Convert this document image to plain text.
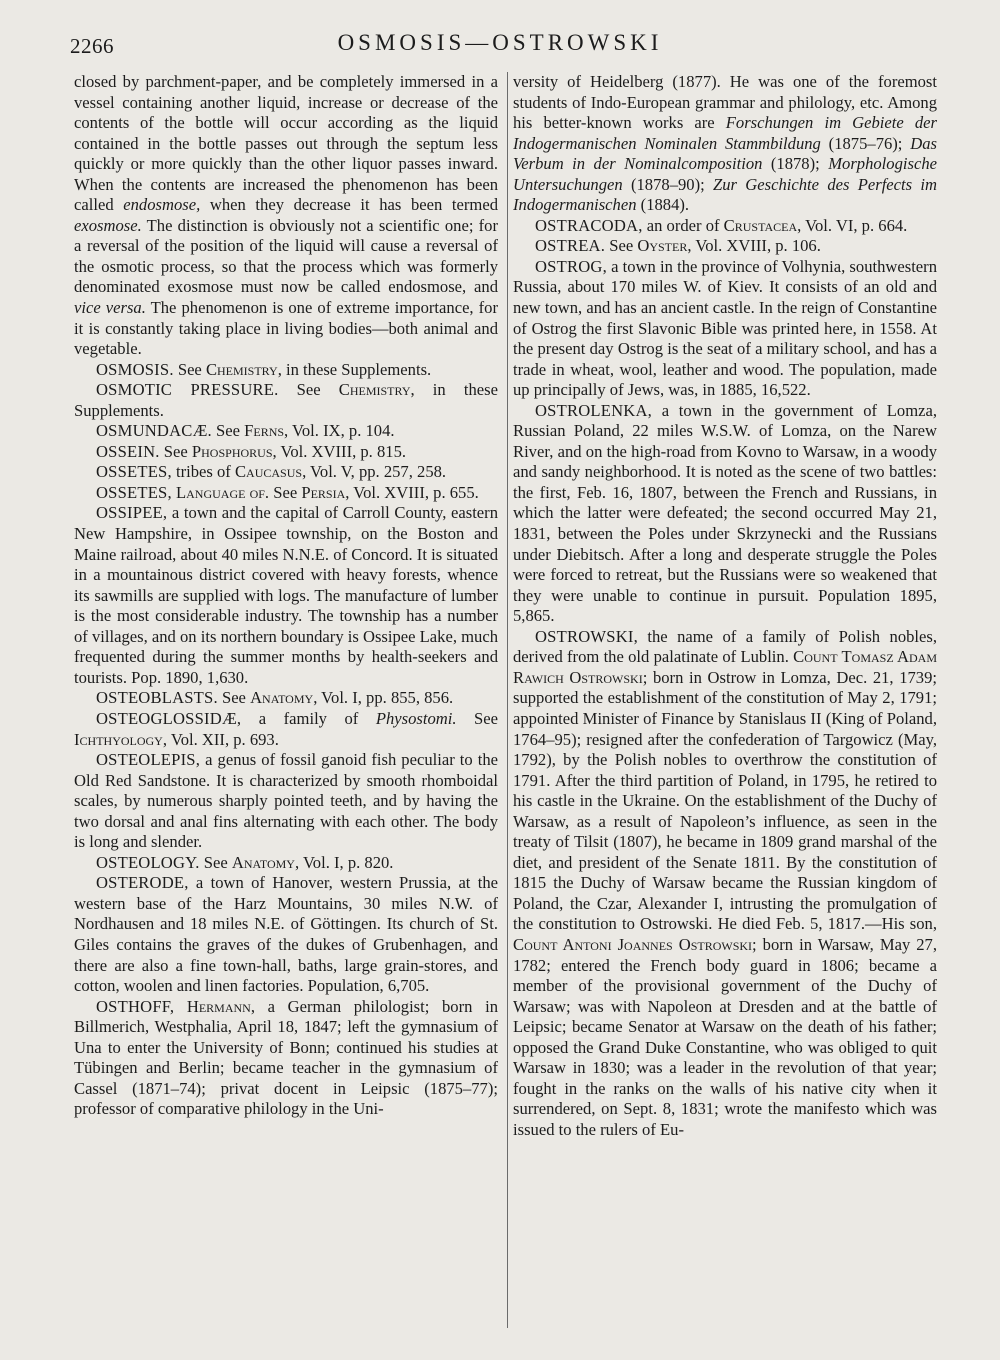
2266	OSMOSIS—OSTROWSKI

closed by parchment-paper, and be completely immersed in a vessel containing another liquid, increase or decrease of the contents of the bottle will occur according as the liquid contained in the bottle passes out through the septum less quickly or more quickly than the other liquor passes inward. When the contents are increased the phenomenon has been called endosmose, when they decrease it has been termed exosmose. The distinction is obviously not a scientific one; for a reversal of the position of the liquid will cause a reversal of the osmotic process, so that the process which was formerly denominated exosmose must now be called endosmose, and vice versa. The phenomenon is one of extreme importance, for it is constantly taking place in living bodies—both animal and vegetable.

OSMOSIS. See Chemistry, in these Supplements.

OSMOTIC PRESSURE. See Chemistry, in these Supplements.

OSMUNDACÆ. See Ferns, Vol. IX, p. 104.

OSSEIN. See Phosphorus, Vol. XVIII, p. 815.

OSSETES, tribes of Caucasus, Vol. V, pp. 257, 258.

OSSETES, Language of. See Persia, Vol. XVIII, p. 655.

OSSIPEE, a town and the capital of Carroll County, eastern New Hampshire, in Ossipee township, on the Boston and Maine railroad, about 40 miles N.N.E. of Concord. It is situated in a mountainous district covered with heavy forests, whence its sawmills are supplied with logs. The manufacture of lumber is the most considerable industry. The township has a number of villages, and on its northern boundary is Ossipee Lake, much frequented during the summer months by health-seekers and tourists. Pop. 1890, 1,630.

OSTEOBLASTS. See Anatomy, Vol. I, pp. 855, 856.

OSTEOGLOSSIDÆ, a family of Physostomi. See Ichthyology, Vol. XII, p. 693.

OSTEOLEPIS, a genus of fossil ganoid fish peculiar to the Old Red Sandstone. It is characterized by smooth rhomboidal scales, by numerous sharply pointed teeth, and by having the two dorsal and anal fins alternating with each other. The body is long and slender.

OSTEOLOGY. See Anatomy, Vol. I, p. 820.

OSTERODE, a town of Hanover, western Prussia, at the western base of the Harz Mountains, 30 miles N.W. of Nordhausen and 18 miles N.E. of Göttingen. Its church of St. Giles contains the graves of the dukes of Grubenhagen, and there are also a fine town-hall, baths, large grain-stores, and cotton, woolen and linen factories. Population, 6,705.

OSTHOFF, Hermann, a German philologist; born in Billmerich, Westphalia, April 18, 1847; left the gymnasium of Una to enter the University of Bonn; continued his studies at Tübingen and Berlin; became teacher in the gymnasium of Cassel (1871–74); privat docent in Leipsic (1875–77); professor of comparative philology in the Uni-

versity of Heidelberg (1877). He was one of the foremost students of Indo-European grammar and philology, etc. Among his better-known works are Forschungen im Gebiete der Indogermanischen Nominalen Stammbildung (1875–76); Das Verbum in der Nominalcomposition (1878); Morphologische Untersuchungen (1878–90); Zur Geschichte des Perfects im Indogermanischen (1884).

OSTRACODA, an order of Crustacea, Vol. VI, p. 664.

OSTREA. See Oyster, Vol. XVIII, p. 106.

OSTROG, a town in the province of Volhynia, southwestern Russia, about 170 miles W. of Kiev. It consists of an old and new town, and has an ancient castle. In the reign of Constantine of Ostrog the first Slavonic Bible was printed here, in 1558. At the present day Ostrog is the seat of a military school, and has a trade in wheat, wool, leather and wood. The population, made up principally of Jews, was, in 1885, 16,522.

OSTROLENKA, a town in the government of Lomza, Russian Poland, 22 miles W.S.W. of Lomza, on the Narew River, and on the high-road from Kovno to Warsaw, in a woody and sandy neighborhood. It is noted as the scene of two battles: the first, Feb. 16, 1807, between the French and Russians, in which the latter were defeated; the second occurred May 21, 1831, between the Poles under Skrzynecki and the Russians under Diebitsch. After a long and desperate struggle the Poles were forced to retreat, but the Russians were so weakened that they were unable to continue in pursuit. Population 1895, 5,865.

OSTROWSKI, the name of a family of Polish nobles, derived from the old palatinate of Lublin. Count Tomasz Adam Rawich Ostrowski; born in Ostrow in Lomza, Dec. 21, 1739; supported the establishment of the constitution of May 2, 1791; appointed Minister of Finance by Stanislaus II (King of Poland, 1764–95); resigned after the confederation of Targowicz (May, 1792), by the Polish nobles to overthrow the constitution of 1791. After the third partition of Poland, in 1795, he retired to his castle in the Ukraine. On the establishment of the Duchy of Warsaw, as a result of Napoleon’s influence, as seen in the treaty of Tilsit (1807), he became in 1809 grand marshal of the diet, and president of the Senate 1811. By the constitution of 1815 the Duchy of Warsaw became the Russian kingdom of Poland, the Czar, Alexander I, intrusting the promulgation of the constitution to Ostrowski. He died Feb. 5, 1817.—His son, Count Antoni Joannes Ostrowski; born in Warsaw, May 27, 1782; entered the French body guard in 1806; became a member of the provisional government of the Duchy of Warsaw; was with Napoleon at Dresden and at the battle of Leipsic; became Senator at Warsaw on the death of his father; opposed the Grand Duke Constantine, who was obliged to quit Warsaw in 1830; was a leader in the revolution of that year; fought in the ranks on the walls of his native city when it surrendered, on Sept. 8, 1831; wrote the manifesto which was issued to the rulers of Eu-
